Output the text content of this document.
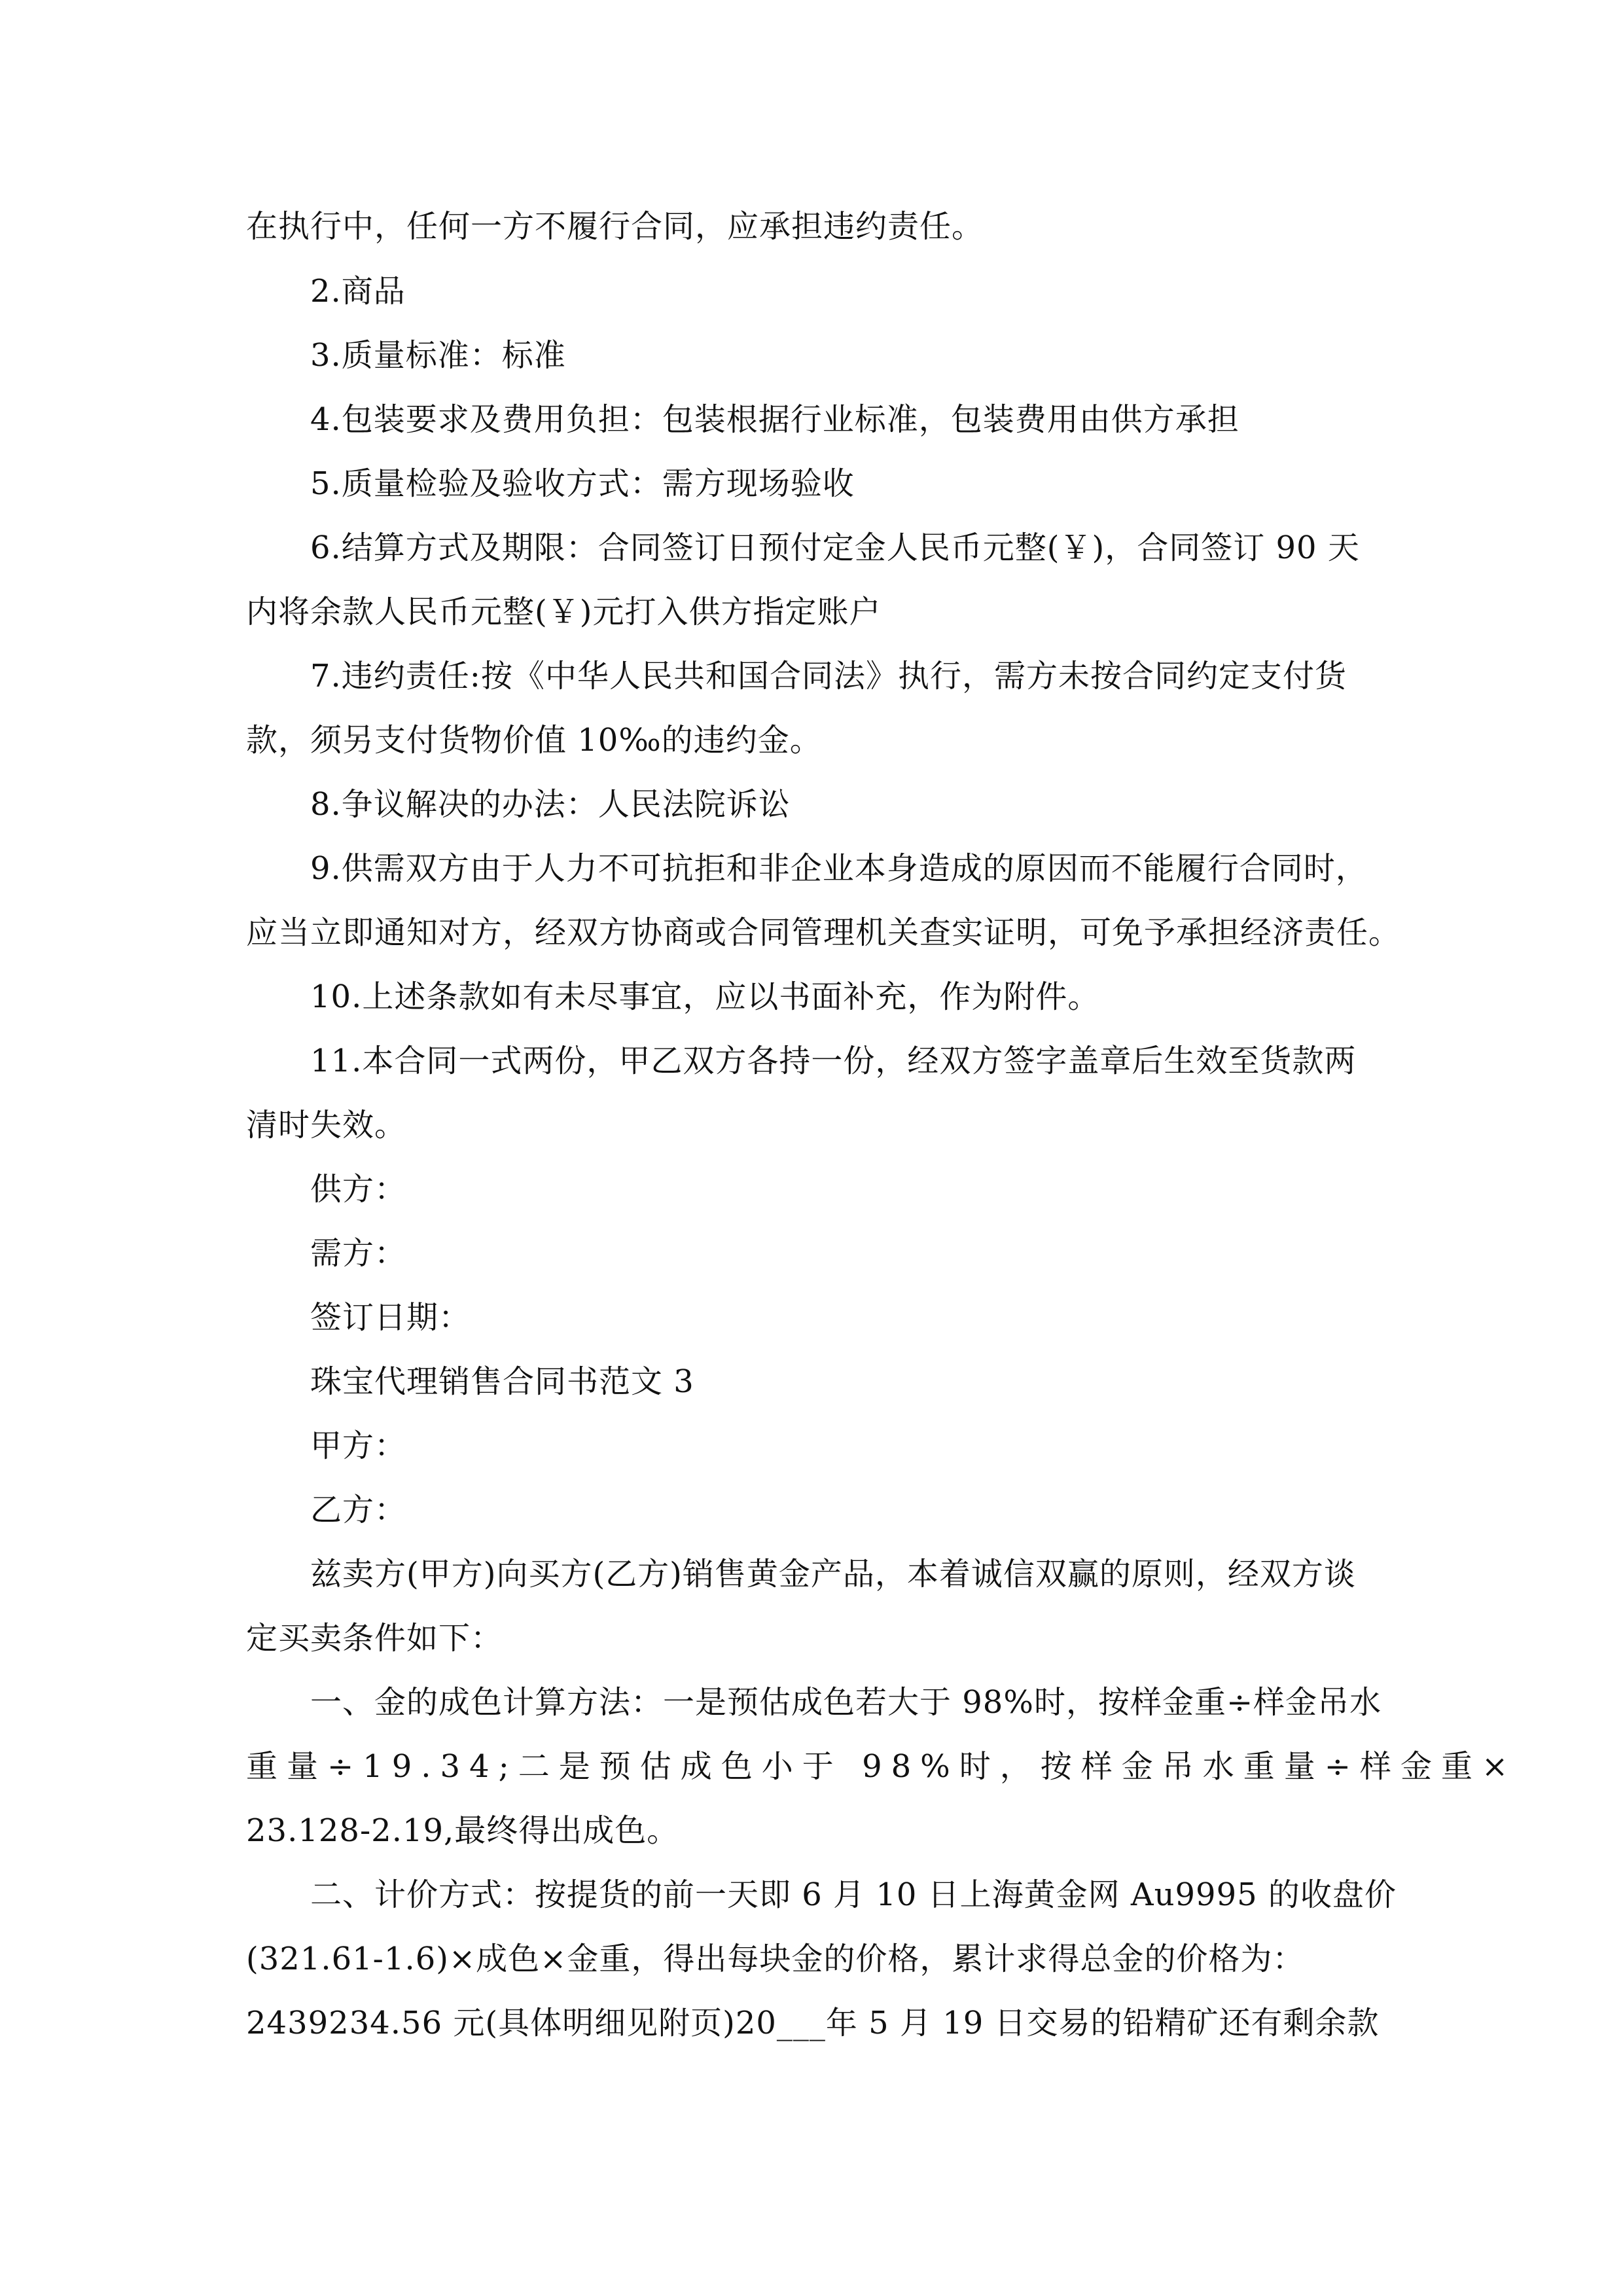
在执行中，任何一方不履行合同，应承担违约责任。
2.商品
3.质量标准：标准
4.包装要求及费用负担：包装根据行业标准，包装费用由供方承担
5.质量检验及验收方式：需方现场验收
6.结算方式及期限：合同签订日预付定金人民币元整(￥)，合同签订 90 天
内将余款人民币元整(￥)元打入供方指定账户
7.违约责任:按《中华人民共和国合同法》执行，需方未按合同约定支付货
款，须另支付货物价值 10‰的违约金。
8.争议解决的办法：人民法院诉讼
9.供需双方由于人力不可抗拒和非企业本身造成的原因而不能履行合同时，
应当立即通知对方，经双方协商或合同管理机关查实证明，可免予承担经济责任。
10.上述条款如有未尽事宜，应以书面补充，作为附件。
11.本合同一式两份，甲乙双方各持一份，经双方签字盖章后生效至货款两
清时失效。
供方：
需方：
签订日期：
珠宝代理销售合同书范文 3
甲方：
乙方：
兹卖方(甲方)向买方(乙方)销售黄金产品，本着诚信双赢的原则，经双方谈
定买卖条件如下：
一、金的成色计算方法：一是预估成色若大于 98%时，按样金重÷样金吊水
重量÷19.34;二是预估成色小于 98%时，按样金吊水重量÷样金重×
23.128-2.19,最终得出成色。
二、计价方式：按提货的前一天即 6 月 10 日上海黄金网 Au9995 的收盘价
(321.61-1.6)×成色×金重，得出每块金的价格，累计求得总金的价格为：
2439234.56 元(具体明细见附页)20___年 5 月 19 日交易的铅精矿还有剩余款
